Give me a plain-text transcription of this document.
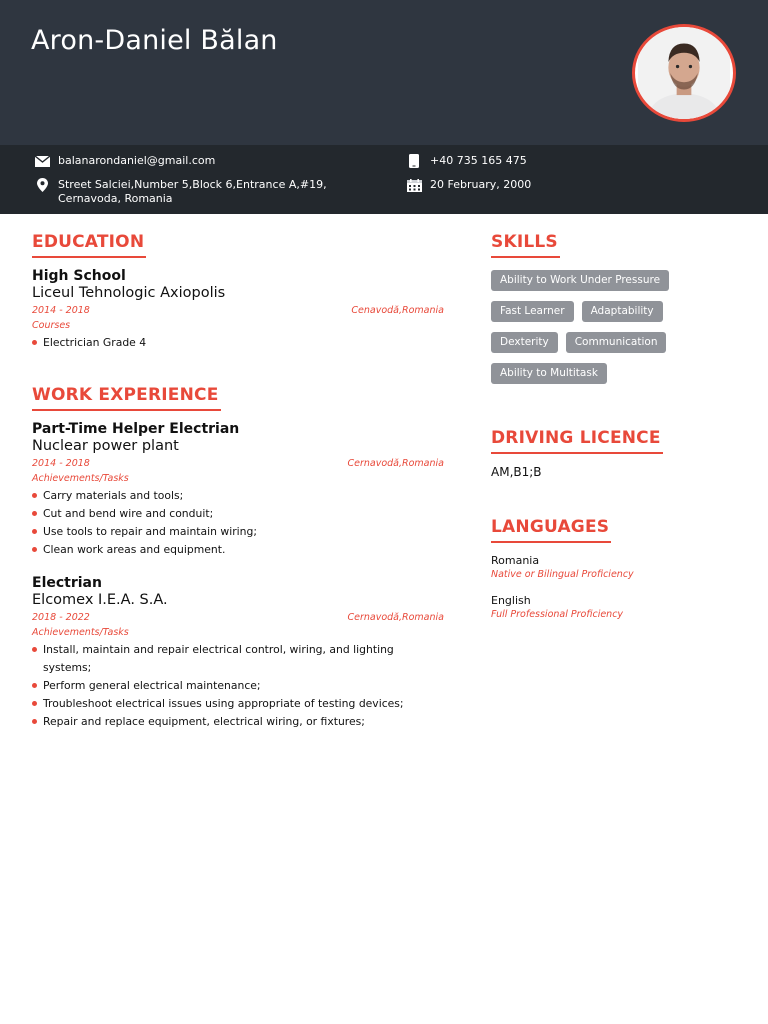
Aron-Daniel Bălan
balanarondaniel@gmail.com	+40 735 165 475
Street Salciei,Number 5,Block 6,Entrance A,#19,
Cernavoda, Romania
20 February, 2000
EDUCATION
High School
Liceul Tehnologic Axiopolis
2014 - 2018	Cenavodă,Romania
Courses
Electrician Grade 4
WORK EXPERIENCE
Part-Time Helper Electrian
Nuclear power plant
2014 - 2018	Cernavodă,Romania
Achievements/Tasks
Carry materials and tools;
Cut and bend wire and conduit;
Use tools to repair and maintain wiring;
Clean work areas and equipment.
Electrian
Elcomex I.E.A. S.A.
2018 - 2022	Cernavodă,Romania
Achievements/Tasks
Install, maintain and repair electrical control, wiring, and lighting systems;
Perform general electrical maintenance;
Troubleshoot electrical issues using appropriate of testing devices;
Repair and replace equipment, electrical wiring, or fixtures;
SKILLS
Ability to Work Under Pressure
Fast Learner	Adaptability
Dexterity	Communication
Ability to Multitask
DRIVING LICENCE
AM,B1;B
LANGUAGES
Romania
Native or Bilingual Proficiency
English
Full Professional Proficiency
